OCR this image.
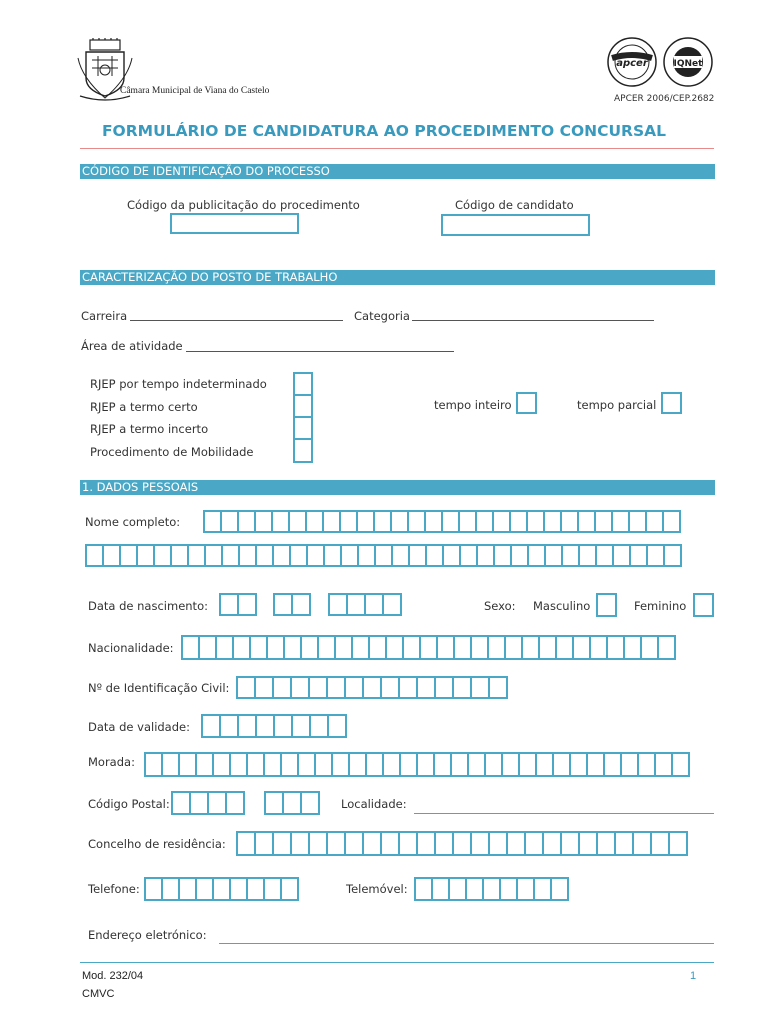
Câmara Municipal de Viana do Castelo
apcer	IQNet
APCER 2006/CEP.2682
FORMULÁRIO DE CANDIDATURA AO PROCEDIMENTO CONCURSAL
CÓDIGO DE IDENTIFICAÇÃO DO PROCESSO
Código da publicitação do procedimento	Código de candidato
CARACTERIZAÇÃO DO POSTO DE TRABALHO
Carreira	Categoria
Área de atividade
RJEP por tempo indeterminado
RJEP a termo certo
RJEP a termo incerto
Procedimento de Mobilidade
tempo inteiro	tempo parcial
1. DADOS PESSOAIS
Nome completo:
Data de nascimento:	Sexo: Masculino	Feminino
Nacionalidade:
Nº de Identificação Civil:
Data de validade:
Morada:
Código Postal:	Localidade:
Concelho de residência:
Telefone:	Telemóvel:
Endereço eletrónico:
Mod. 232/04
CMVC
1
